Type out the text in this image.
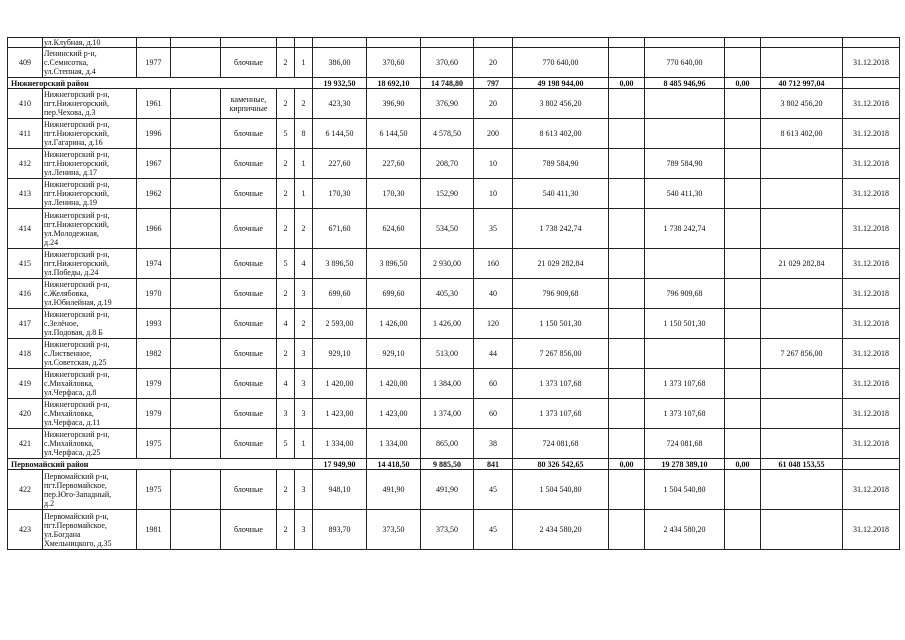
	ул.Клубная, д.10															
409	Ленинский р-н,
с.Семисотка,
ул.Степная, д.4	1977		блочные	2	1	386,00	370,60	370,60	20	770 640,00		770 640,00			31.12.2018
Нижнегорский район							19 932,50	18 692,10	14 748,80	797	49 198 944,00	0,00	8 485 946,96	0,00	40 712 997,04	
410	Нижнегорский р-н,
пгт.Нижнегорский,
пер.Чехова, д.3	1961		каменные, кирпичные	2	2	423,30	396,90	376,90	20	3 802 456,20				3 802 456,20	31.12.2018
411	Нижнегорский р-н,
пгт.Нижнегорский,
ул.Гагарина, д.16	1996		блочные	5	8	6 144,50	6 144,50	4 578,50	200	8 613 402,00				8 613 402,00	31.12.2018
412	Нижнегорский р-н,
пгт.Нижнегорский,
ул.Ленина, д.17	1967		блочные	2	1	227,60	227,60	208,70	10	789 584,90		789 584,90			31.12.2018
413	Нижнегорский р-н,
пгт.Нижнегорский,
ул.Ленина, д.19	1962		блочные	2	1	170,30	170,30	152,90	10	540 411,30		540 411,30			31.12.2018
414	Нижнегорский р-н,
пгт.Нижнегорский,
ул.Молодежная,
д.24	1966		блочные	2	2	671,60	624,60	534,50	35	1 738 242,74		1 738 242,74			31.12.2018
415	Нижнегорский р-н,
пгт.Нижнегорский,
ул.Победы, д.24	1974		блочные	5	4	3 896,50	3 896,50	2 930,00	160	21 029 282,84				21 029 282,84	31.12.2018
416	Нижнегорский р-н,
с.Желябовка,
ул.Юбилейная, д.19	1970		блочные	2	3	699,60	699,60	405,30	40	796 909,68		796 909,68			31.12.2018
417	Нижнегорский р-н,
с.Зелёное,
ул.Подовая, д.8 Б	1993		блочные	4	2	2 593,00	1 426,00	1 426,00	120	1 150 501,30		1 150 501,30			31.12.2018
418	Нижнегорский р-н,
с.Лиственное,
ул.Советская, д.25	1982		блочные	2	3	929,10	929,10	513,00	44	7 267 856,00				7 267 856,00	31.12.2018
419	Нижнегорский р-н,
с.Михайловка,
ул.Черфаса, д.8	1979		блочные	4	3	1 420,00	1 420,00	1 384,00	60	1 373 107,68		1 373 107,68			31.12.2018
420	Нижнегорский р-н,
с.Михайловка,
ул.Черфаса, д.11	1979		блочные	3	3	1 423,00	1 423,00	1 374,00	60	1 373 107,68		1 373 107,68			31.12.2018
421	Нижнегорский р-н,
с.Михайловка,
ул.Черфаса, д.25	1975		блочные	5	1	1 334,00	1 334,00	865,00	38	724 081,68		724 081,68			31.12.2018
Первомайский район							17 949,90	14 418,50	9 885,50	841	80 326 542,65	0,00	19 278 389,10	0,00	61 048 153,55	
422	Первомайский р-н,
пгт.Первомайское,
пер.Юго-Западный,
д.2	1975		блочные	2	3	948,10	491,90	491,90	45	1 504 540,80		1 504 540,80			31.12.2018
423	Первомайский р-н,
пгт.Первомайское,
ул.Богдана
Хмельницкого, д.35	1981		блочные	2	3	893,70	373,50	373,50	45	2 434 580,20		2 434 580,20			31.12.2018
